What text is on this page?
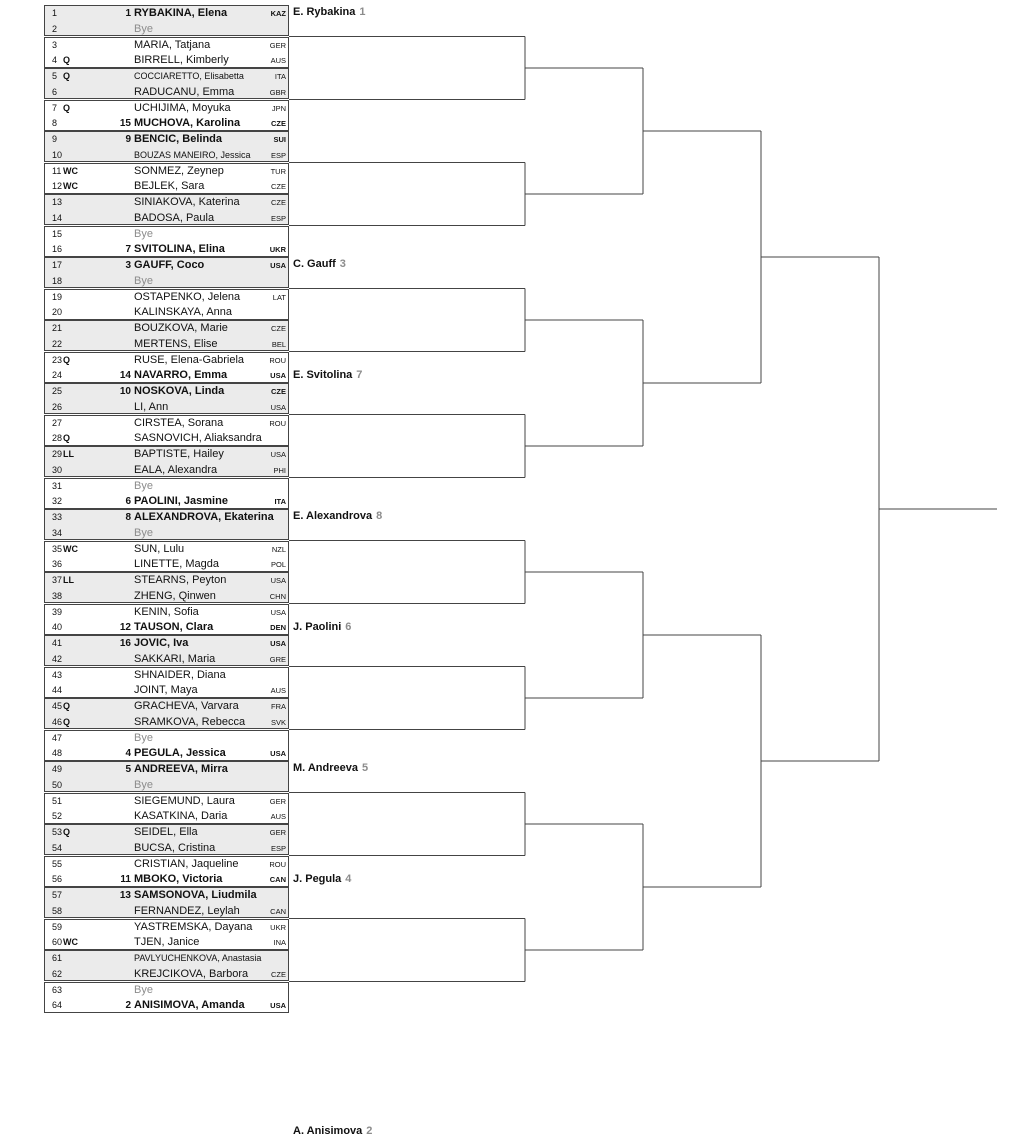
1	1 RYBAKINA, Elena	KAZ
2	Bye
3	MARIA, Tatjana	GER
4 Q	BIRRELL, Kimberly	AUS
5 Q	COCCIARETTO, Elisabetta	ITA
6	RADUCANU, Emma	GBR
7 Q	UCHIJIMA, Moyuka	JPN
8	15 MUCHOVA, Karolina	CZE
9	9 BENCIC, Belinda	SUI
10	BOUZAS MANEIRO, Jessica	ESP
11 WC	SONMEZ, Zeynep	TUR
12 WC	BEJLEK, Sara	CZE
13	SINIAKOVA, Katerina	CZE
14	BADOSA, Paula	ESP
15	Bye
16	7 SVITOLINA, Elina	UKR
17	3 GAUFF, Coco	USA
18	Bye
19	OSTAPENKO, Jelena	LAT
20	KALINSKAYA, Anna
21	BOUZKOVA, Marie	CZE
22	MERTENS, Elise	BEL
23 Q	RUSE, Elena-Gabriela	ROU
24	14 NAVARRO, Emma	USA
25	10 NOSKOVA, Linda	CZE
26	LI, Ann	USA
27	CIRSTEA, Sorana	ROU
28 Q	SASNOVICH, Aliaksandra
29 LL	BAPTISTE, Hailey	USA
30	EALA, Alexandra	PHI
31	Bye
32	6 PAOLINI, Jasmine	ITA
33	8 ALEXANDROVA, Ekaterina
34	Bye
35 WC	SUN, Lulu	NZL
36	LINETTE, Magda	POL
37 LL	STEARNS, Peyton	USA
38	ZHENG, Qinwen	CHN
39	KENIN, Sofia	USA
40	12 TAUSON, Clara	DEN
41	16 JOVIC, Iva	USA
42	SAKKARI, Maria	GRE
43	SHNAIDER, Diana
44	JOINT, Maya	AUS
45 Q	GRACHEVA, Varvara	FRA
46 Q	SRAMKOVA, Rebecca	SVK
47	Bye
48	4 PEGULA, Jessica	USA
49	5 ANDREEVA, Mirra
50	Bye
51	SIEGEMUND, Laura	GER
52	KASATKINA, Daria	AUS
53 Q	SEIDEL, Ella	GER
54	BUCSA, Cristina	ESP
55	CRISTIAN, Jaqueline	ROU
56	11 MBOKO, Victoria	CAN
57	13 SAMSONOVA, Liudmila
58	FERNANDEZ, Leylah	CAN
59	YASTREMSKA, Dayana UKR
60 WC	TJEN, Janice	INA
61	PAVLYUCHENKOVA, Anastasia
62	KREJCIKOVA, Barbora	CZE
63	Bye
64	2 ANISIMOVA, Amanda	USA
E. Rybakina 1
E. Svitolina 7
C. Gauff 3
J. Paolini 6
E. Alexandrova 8
J. Pegula 4
M. Andreeva 5
A. Anisimova 2
